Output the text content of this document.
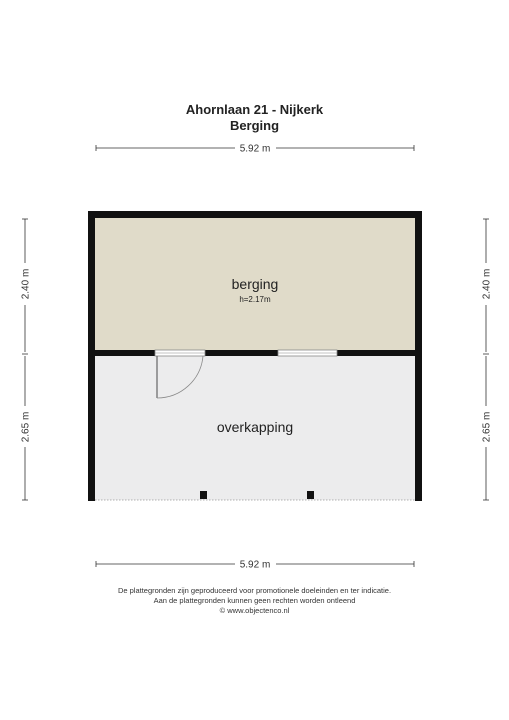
Ahornlaan 21 - Nijkerk
Berging
berging
h=2.17m
overkapping
5.92 m
5.92 m
2.40 m
2.65 m
2.40 m
2.65 m
De plattegronden zijn geproduceerd voor promotionele doeleinden en ter indicatie.
Aan de plattegronden kunnen geen rechten worden ontleend
© www.objectenco.nl
